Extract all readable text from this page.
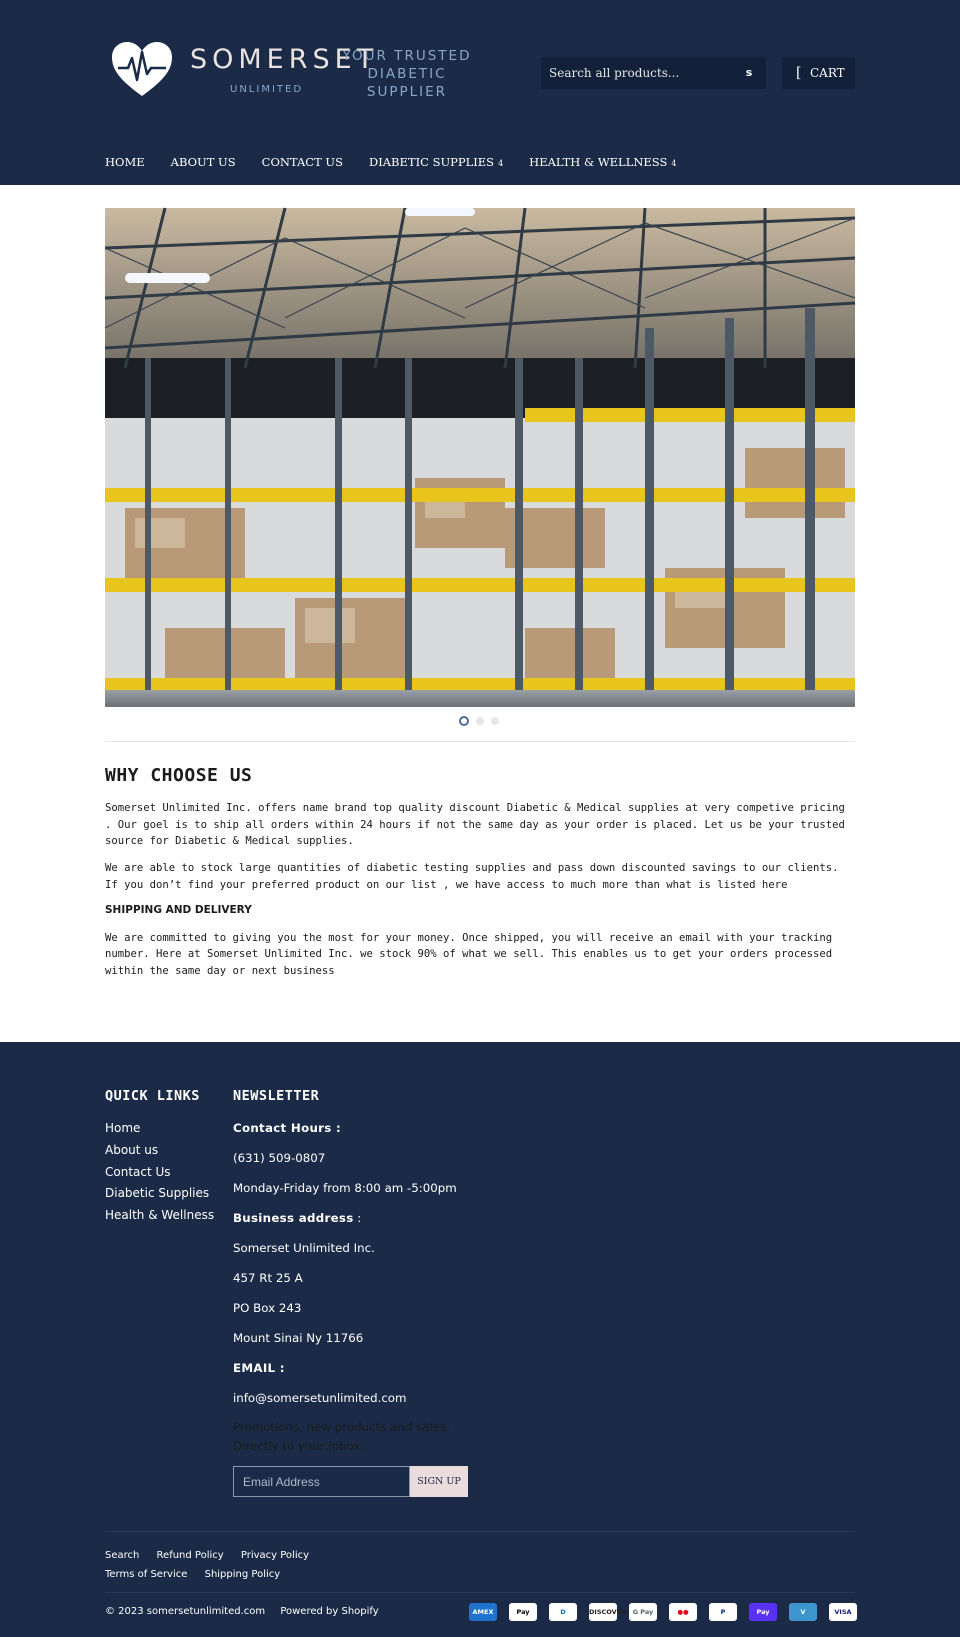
SOMERSET
UNLIMITED
YOUR TRUSTED
DIABETIC SUPPLIER
Search all products...
s	[ CART
HOME ABOUT US CONTACT US DIABETIC SUPPLIES 4 HEALTH & WELLNESS 4
WHY CHOOSE US

Somerset Unlimited Inc. offers name brand top quality discount Diabetic & Medical supplies at very competive pricing . Our goel is to ship all orders within 24 hours if not the same day as your order is placed. Let us be your trusted source for Diabetic & Medical supplies.

We are able to stock large quantities of diabetic testing supplies and pass down discounted savings to our clients. If you don’t find your preferred product on our list , we have access to much more than what is listed here

SHIPPING AND DELIVERY

We are committed to giving you the most for your money. Once shipped, you will receive an email with your tracking number. Here at Somerset Unlimited Inc. we stock 90% of what we sell. This enables us to get your orders processed within the same day or next business

QUICK LINKS
Home
About us
Contact Us
Diabetic Supplies
Health & Wellness
NEWSLETTER
Contact Hours :
(631) 509-0807
Monday-Friday from 8:00 am -5:00pm
Business address :
Somerset Unlimited Inc.
457 Rt 25 A
PO Box 243
Mount Sinai Ny 11766
EMAIL :
info@somersetunlimited.com
Promotions, new products and sales. Directly to your inbox.
Email Address
SIGN UP
Search Refund Policy Privacy Policy
Terms of Service Shipping Policy
© 2023 somersetunlimited.com Powered by Shopify	AMEX	Pay	D	DISCOVER	G Pay	●●	P	Pay	V	VISA
